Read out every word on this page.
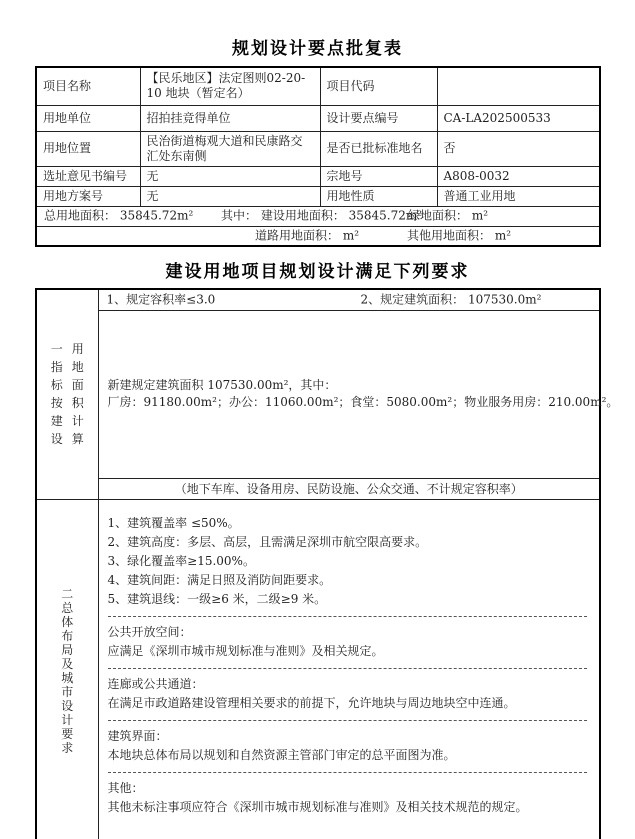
规划设计要点批复表
项目名称	【民乐地区】法定图则02-20-10 地块（暂定名）	项目代码	
用地单位	招拍挂竞得单位	设计要点编号	CA-LA202500533
用地位置	民治街道梅观大道和民康路交汇处东南侧	是否已批标准地名	否
选址意见书编号	无	宗地号	A808-0032
用地方案号	无	用地性质	普通工业用地

总用地面积： 35845.72m² 其中： 建设用地面积： 35845.72m²
绿地面积： m²			

道路用地面积： m² 其他用地面积： m²			
建设用地项目规划设计满足下列要求
一用
指地
标面
按积
建计
设算

1、规定容积率≤3.0	2、规定建筑面积： 107530.0m²

	新建规定建筑面积 107530.00m²，其中：
厂房：91180.00m²；办公：11060.00m²；食堂：5080.00m²；物业服务用房：210.00m²。

	（地下车库、设备用房、民防设施、公众交通、不计规定容积率）

二
总
体
布
局
及
城
市
设
计
要
求

1、建筑覆盖率 ≤50%。
2、建筑高度：多层、高层，且需满足深圳市航空限高要求。
3、绿化覆盖率≥15.00%。
4、建筑间距：满足日照及消防间距要求。
5、建筑退线：一级≥6 米，二级≥9 米。
公共开放空间：
应满足《深圳市城市规划标准与准则》及相关规定。
连廊或公共通道：
在满足市政道路建设管理相关要求的前提下，允许地块与周边地块空中连通。
建筑界面：
本地块总体布局以规划和自然资源主管部门审定的总平面图为准。
其他：
其他未标注事项应符合《深圳市城市规划标准与准则》及相关技术规范的规定。
